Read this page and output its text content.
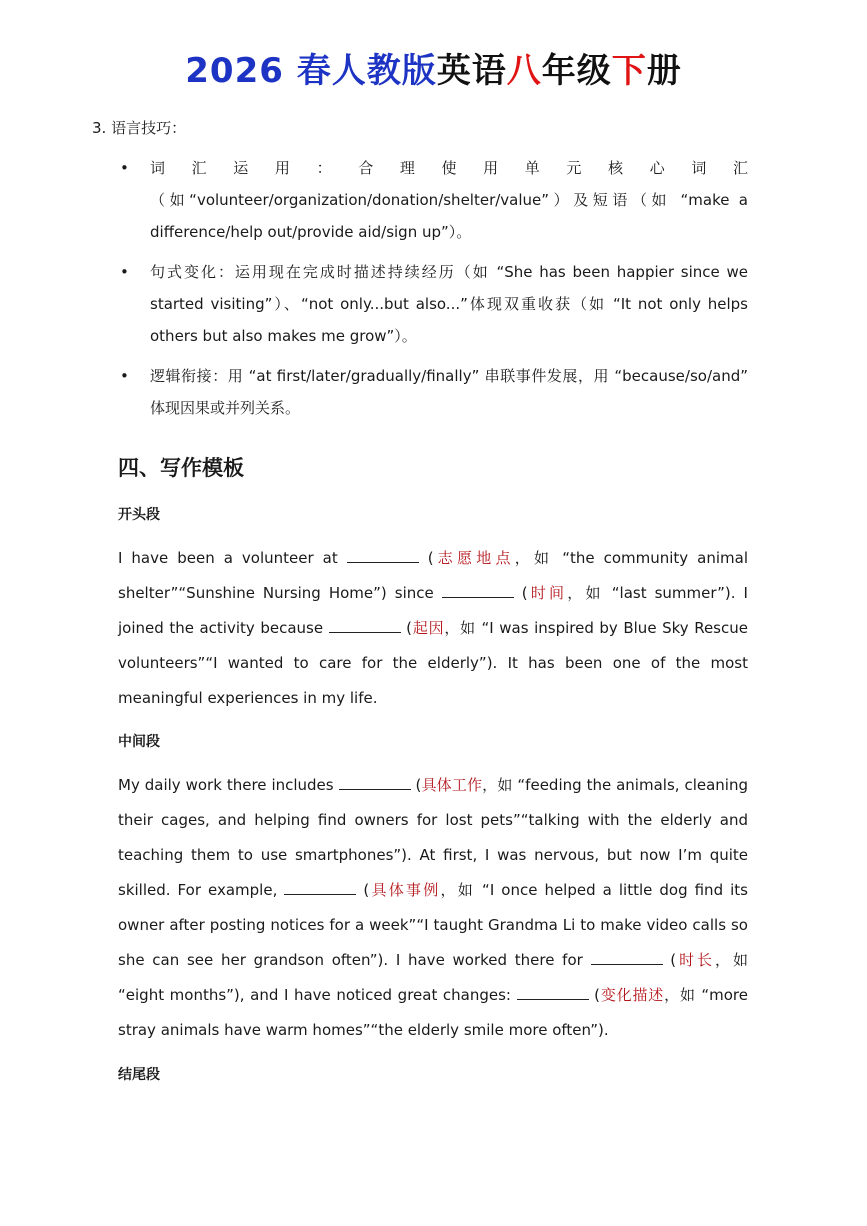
2026 春人教版英语八年级下册
3. 语言技巧：
• 词汇运用：合理使用单元核心词汇（如“volunteer/organization/donation/shelter/value”）及短语（如 “make a difference/help out/provide aid/sign up”）。
• 句式变化：运用现在完成时描述持续经历（如 “She has been happier since we started visiting”）、“not only...but also...”体现双重收获（如 “It not only helps others but also makes me grow”）。
• 逻辑衔接：用 “at first/later/gradually/finally” 串联事件发展，用 “because/so/and” 体现因果或并列关系。
四、写作模板
开头段

I have been a volunteer at	(志愿地点，如 “the community animal shelter”“Sunshine Nursing Home”) since	(时间，如 “last summer”). I joined the activity because	(起因，如 “I was inspired by Blue Sky Rescue volunteers”“I wanted to care for the elderly”). It has been one of the most meaningful experiences in my life.

中间段

My daily work there includes	(具体工作，如 “feeding the animals, cleaning their cages, and helping find owners for lost pets”“talking with the elderly and teaching them to use smartphones”). At first, I was nervous, but now I’m quite skilled. For example,	(具体事例，如 “I once helped a little dog find its owner after posting notices for a week”“I taught Grandma Li to make video calls so she can see her grandson often”). I have worked there for	(时长，如 “eight months”), and I have noticed great changes:	(变化描述，如 “more stray animals have warm homes”“the elderly smile more often”).

结尾段
